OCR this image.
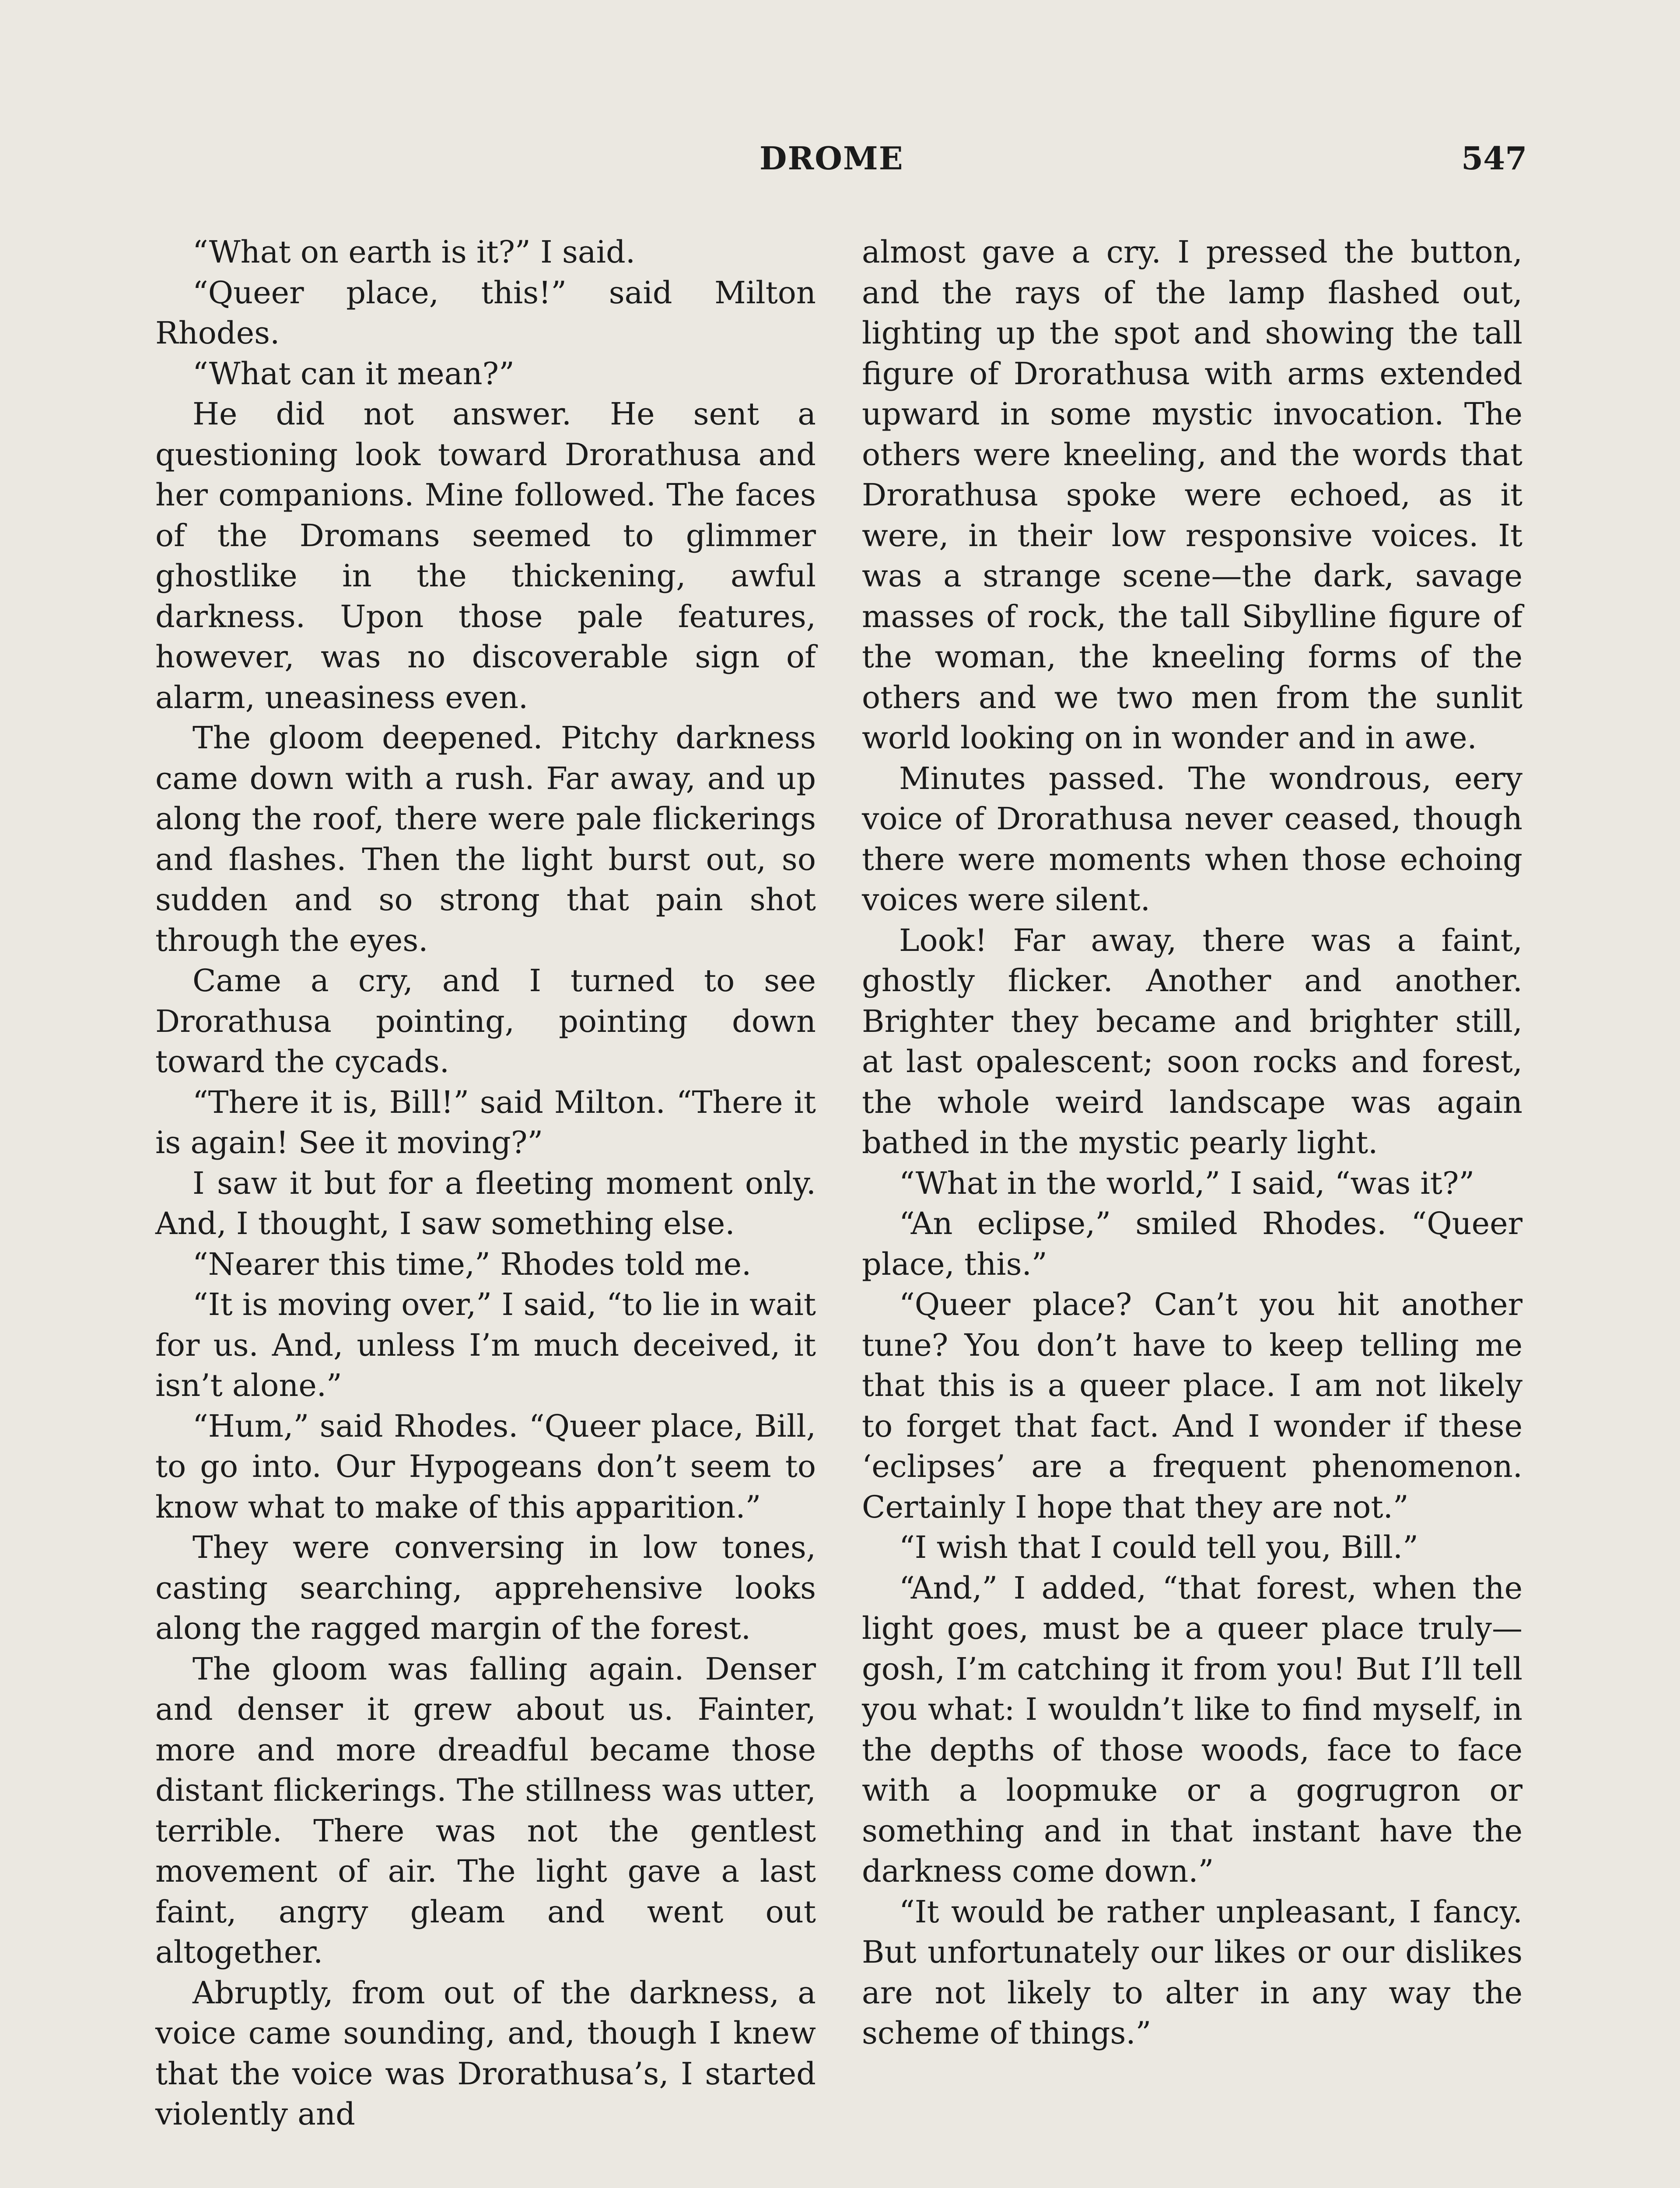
DROME	547

“What on earth is it?” I said.

“Queer place, this!” said Milton Rhodes.

“What can it mean?”

He did not answer. He sent a questioning look toward Drorathusa and her companions. Mine followed. The faces of the Dromans seemed to glimmer ghostlike in the thickening, awful darkness. Upon those pale features, however, was no discoverable sign of alarm, uneasiness even.

The gloom deepened. Pitchy darkness came down with a rush. Far away, and up along the roof, there were pale flickerings and flashes. Then the light burst out, so sudden and so strong that pain shot through the eyes.

Came a cry, and I turned to see Drorathusa pointing, pointing down toward the cycads.

“There it is, Bill!” said Milton. “There it is again! See it moving?”

I saw it but for a fleeting moment only. And, I thought, I saw something else.

“Nearer this time,” Rhodes told me.

“It is moving over,” I said, “to lie in wait for us. And, unless I’m much deceived, it isn’t alone.”

“Hum,” said Rhodes. “Queer place, Bill, to go into. Our Hypogeans don’t seem to know what to make of this apparition.”

They were conversing in low tones, casting searching, apprehensive looks along the ragged margin of the forest.

The gloom was falling again. Denser and denser it grew about us. Fainter, more and more dreadful became those distant flickerings. The stillness was utter, terrible. There was not the gentlest movement of air. The light gave a last faint, angry gleam and went out altogether.

Abruptly, from out of the darkness, a voice came sounding, and, though I knew that the voice was Drorathusa’s, I started violently and

almost gave a cry. I pressed the button, and the rays of the lamp flashed out, lighting up the spot and showing the tall figure of Drorathusa with arms extended upward in some mystic invocation. The others were kneeling, and the words that Drorathusa spoke were echoed, as it were, in their low responsive voices. It was a strange scene—the dark, savage masses of rock, the tall Sibylline figure of the woman, the kneeling forms of the others and we two men from the sunlit world looking on in wonder and in awe.

Minutes passed. The wondrous, eery voice of Drorathusa never ceased, though there were moments when those echoing voices were silent.

Look! Far away, there was a faint, ghostly flicker. Another and another. Brighter they became and brighter still, at last opalescent; soon rocks and forest, the whole weird landscape was again bathed in the mystic pearly light.

“What in the world,” I said, “was it?”

“An eclipse,” smiled Rhodes. “Queer place, this.”

“Queer place? Can’t you hit another tune? You don’t have to keep telling me that this is a queer place. I am not likely to forget that fact. And I wonder if these ‘eclipses’ are a frequent phenomenon. Certainly I hope that they are not.”

“I wish that I could tell you, Bill.”

“And,” I added, “that forest, when the light goes, must be a queer place truly—gosh, I’m catching it from you! But I’ll tell you what: I wouldn’t like to find myself, in the depths of those woods, face to face with a loopmuke or a gogrugron or something and in that instant have the darkness come down.”

“It would be rather unpleasant, I fancy. But unfortunately our likes or our dislikes are not likely to alter in any way the scheme of things.”
